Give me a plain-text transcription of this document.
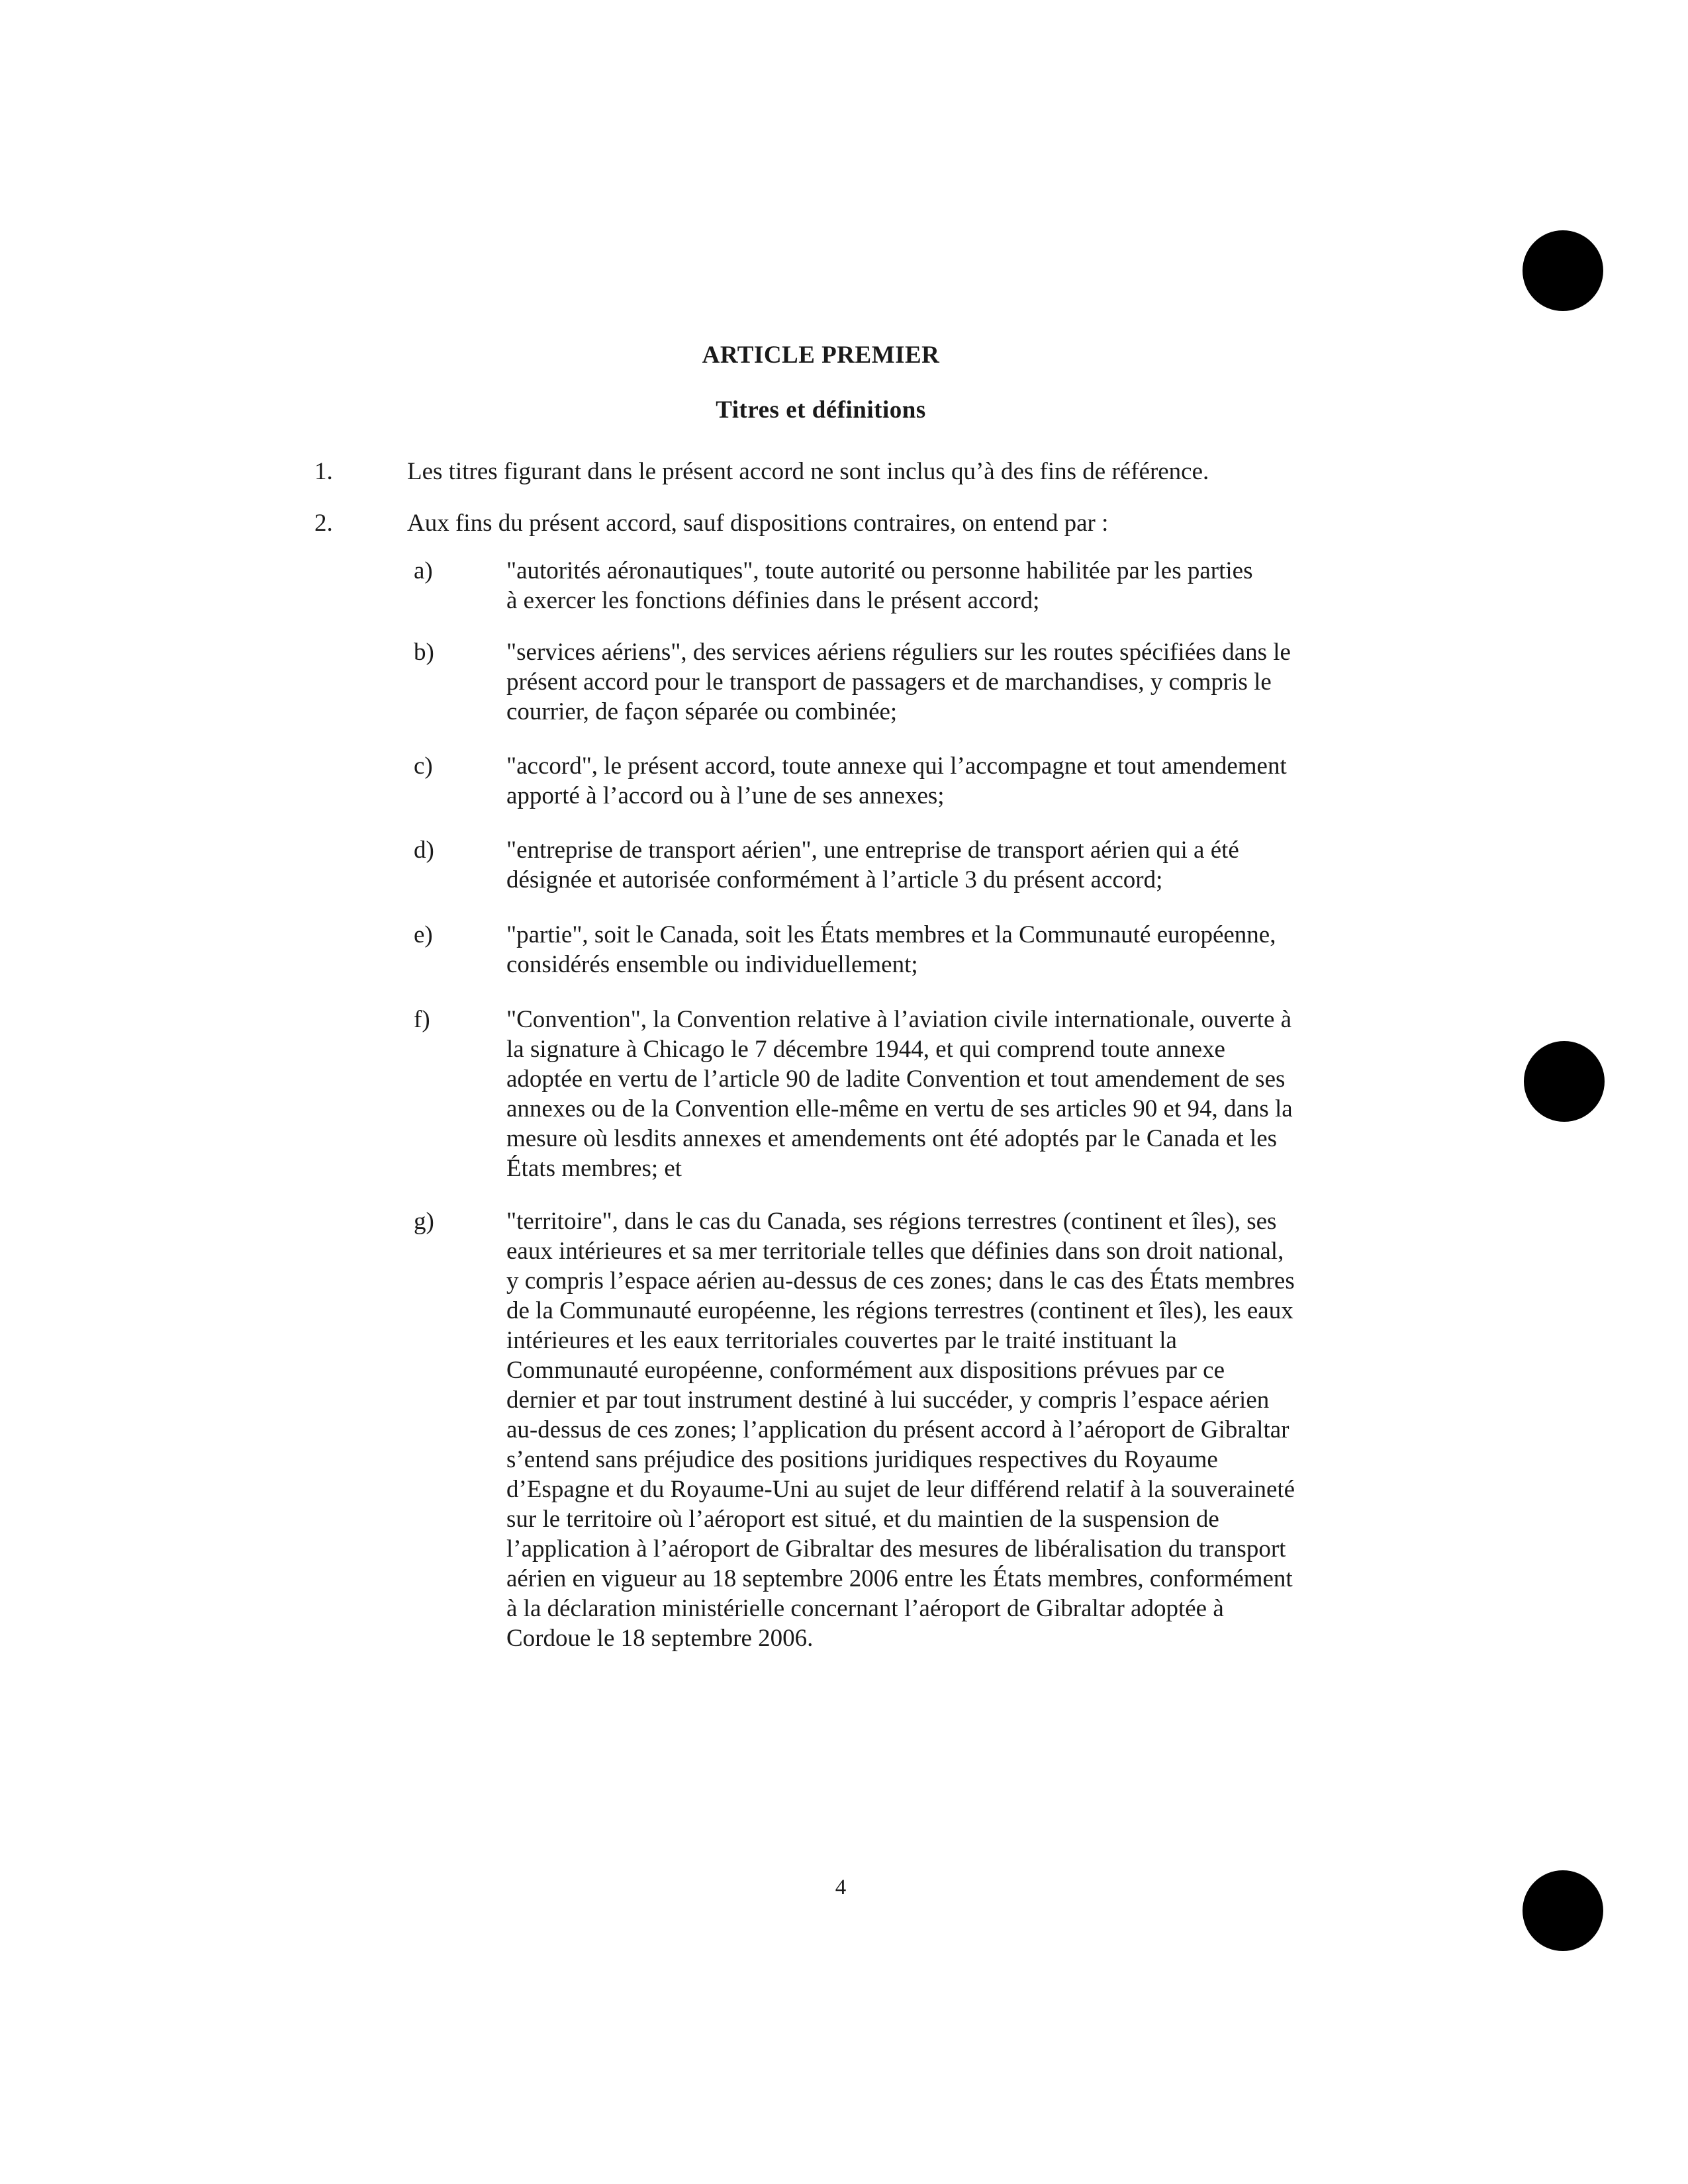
ARTICLE PREMIER
Titres et définitions
1.	Les titres figurant dans le présent accord ne sont inclus qu’à des fins de référence.
2.	Aux fins du présent accord, sauf dispositions contraires, on entend par :
a)	"autorités aéronautiques", toute autorité ou personne habilitée par les parties
à exercer les fonctions définies dans le présent accord;
b)	"services aériens", des services aériens réguliers sur les routes spécifiées dans le
présent accord pour le transport de passagers et de marchandises, y compris le
courrier, de façon séparée ou combinée;
c)	"accord", le présent accord, toute annexe qui l’accompagne et tout amendement
apporté à l’accord ou à l’une de ses annexes;
d)	"entreprise de transport aérien", une entreprise de transport aérien qui a été
désignée et autorisée conformément à l’article 3 du présent accord;
e)	"partie", soit le Canada, soit les États membres et la Communauté européenne,
considérés ensemble ou individuellement;
f)	"Convention", la Convention relative à l’aviation civile internationale, ouverte à
la signature à Chicago le 7 décembre 1944, et qui comprend toute annexe
adoptée en vertu de l’article 90 de ladite Convention et tout amendement de ses
annexes ou de la Convention elle-même en vertu de ses articles 90 et 94, dans la
mesure où lesdits annexes et amendements ont été adoptés par le Canada et les
États membres; et
g)	"territoire", dans le cas du Canada, ses régions terrestres (continent et îles), ses
eaux intérieures et sa mer territoriale telles que définies dans son droit national,
y compris l’espace aérien au-dessus de ces zones; dans le cas des États membres
de la Communauté européenne, les régions terrestres (continent et îles), les eaux
intérieures et les eaux territoriales couvertes par le traité instituant la
Communauté européenne, conformément aux dispositions prévues par ce
dernier et par tout instrument destiné à lui succéder, y compris l’espace aérien
au-dessus de ces zones; l’application du présent accord à l’aéroport de Gibraltar
s’entend sans préjudice des positions juridiques respectives du Royaume
d’Espagne et du Royaume-Uni au sujet de leur différend relatif à la souveraineté
sur le territoire où l’aéroport est situé, et du maintien de la suspension de
l’application à l’aéroport de Gibraltar des mesures de libéralisation du transport
aérien en vigueur au 18 septembre 2006 entre les États membres, conformément
à la déclaration ministérielle concernant l’aéroport de Gibraltar adoptée à
Cordoue le 18 septembre 2006.
4
